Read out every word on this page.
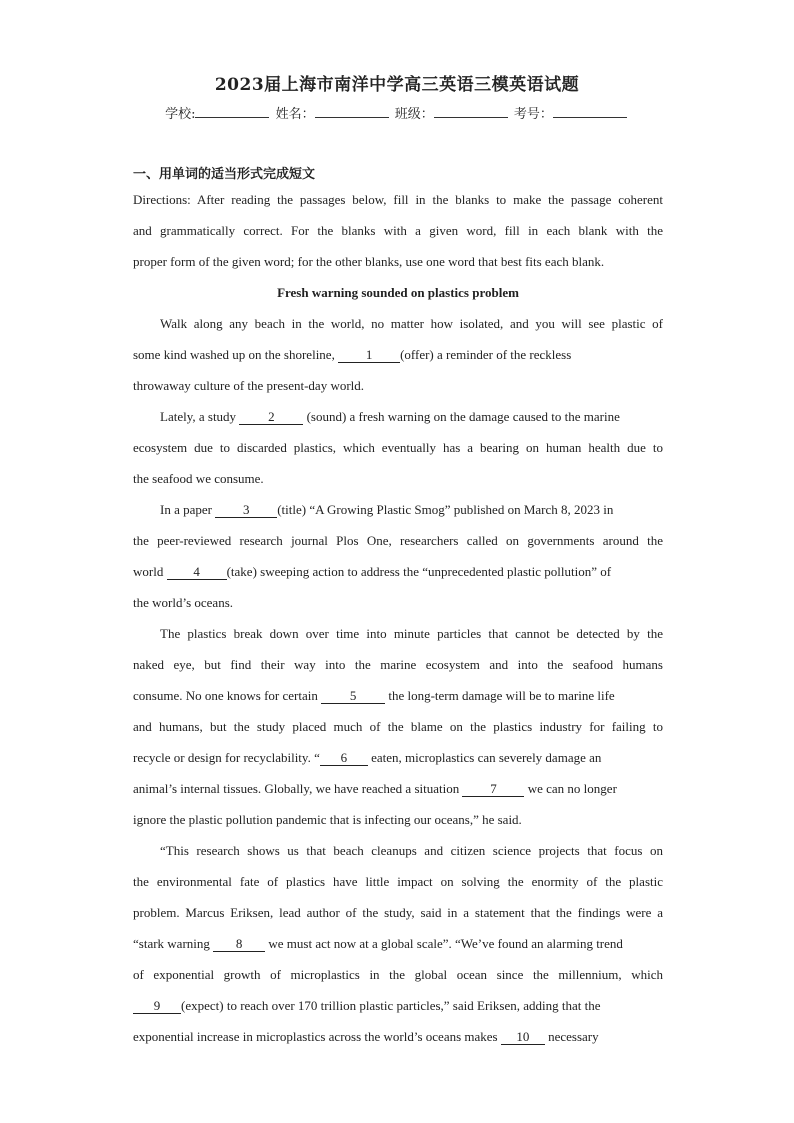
2023届上海市南洋中学高三英语三模英语试题
学校:	姓名：	班级：	考号：
一、用单词的适当形式完成短文
Directions: After reading the passages below, fill in the blanks to make the passage coherent
and grammatically correct. For the blanks with a given word, fill in each blank with the
proper form of the given word; for the other blanks, use one word that best fits each blank.
Fresh warning sounded on plastics problem
Walk along any beach in the world, no matter how isolated, and you will see plastic of
some kind washed up on the shoreline, 1 (offer) a reminder of the reckless
throwaway culture of the present-day world.
Lately, a study 2 (sound) a fresh warning on the damage caused to the marine
ecosystem due to discarded plastics, which eventually has a bearing on human health due to
the seafood we consume.
In a paper 3 (title) “A Growing Plastic Smog” published on March 8, 2023 in
the peer-reviewed research journal Plos One, researchers called on governments around the
world 4 (take) sweeping action to address the “unprecedented plastic pollution” of
the world’s oceans.
The plastics break down over time into minute particles that cannot be detected by the
naked eye, but find their way into the marine ecosystem and into the seafood humans
consume. No one knows for certain 5 the long-term damage will be to marine life
and humans, but the study placed much of the blame on the plastics industry for failing to
recycle or design for recyclability. “ 6 eaten, microplastics can severely damage an
animal’s internal tissues. Globally, we have reached a situation 7 we can no longer
ignore the plastic pollution pandemic that is infecting our oceans,” he said.
“This research shows us that beach cleanups and citizen science projects that focus on
the environmental fate of plastics have little impact on solving the enormity of the plastic
problem. Marcus Eriksen, lead author of the study, said in a statement that the findings were a
“stark warning 8 we must act now at a global scale”. “We’ve found an alarming trend
of exponential growth of microplastics in the global ocean since the millennium, which
9 (expect) to reach over 170 trillion plastic particles,” said Eriksen, adding that the
exponential increase in microplastics across the world’s oceans makes 10 necessary
